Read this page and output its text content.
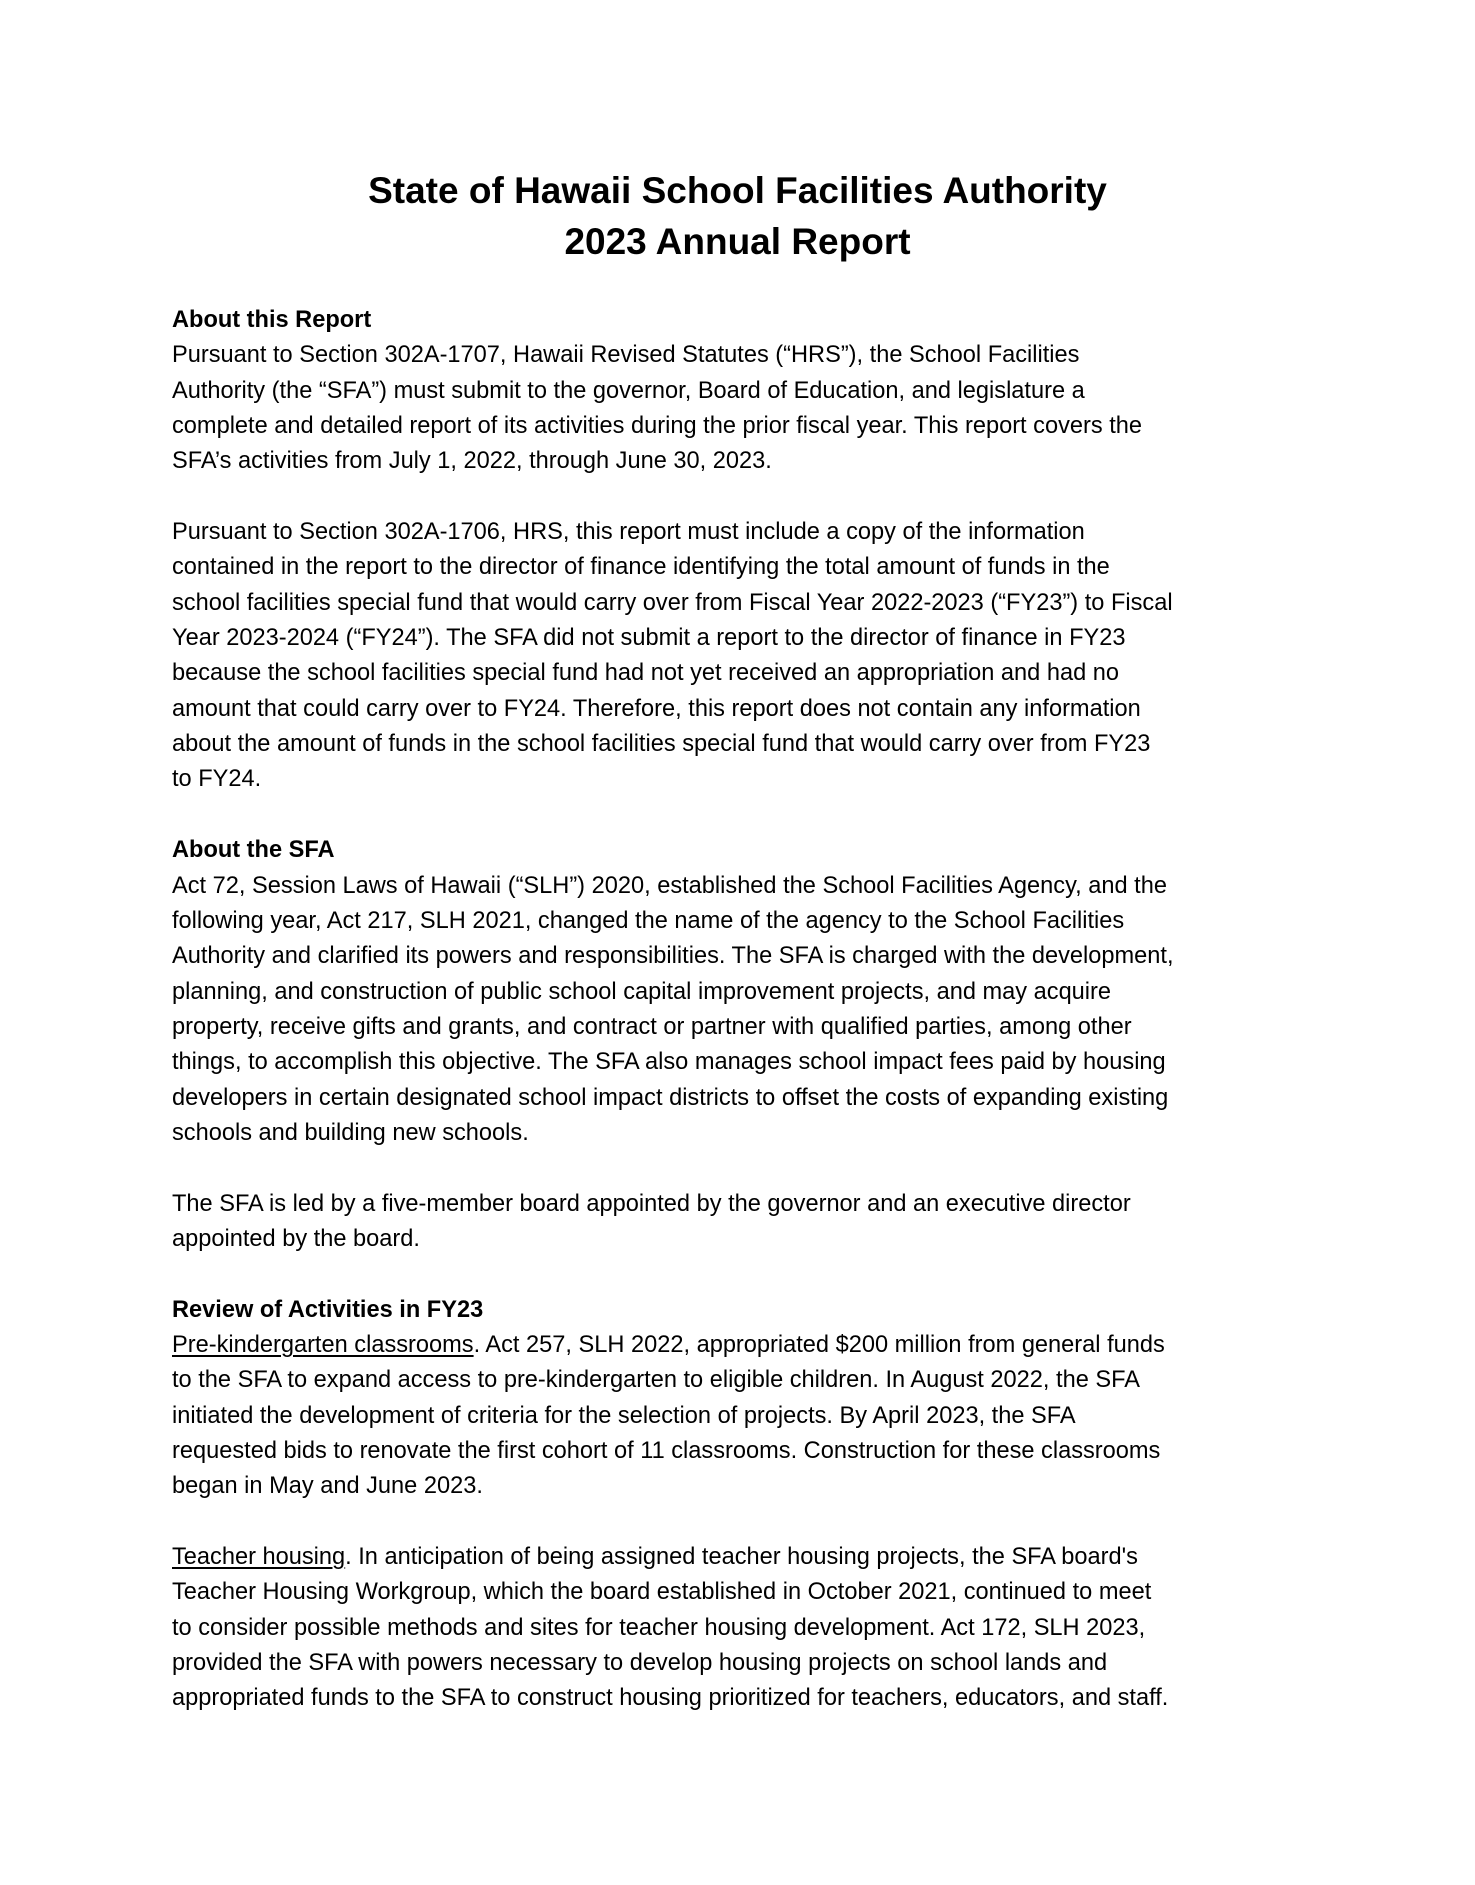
State of Hawaii School Facilities Authority
2023 Annual Report
About this Report
Pursuant to Section 302A-1707, Hawaii Revised Statutes (“HRS”), the School Facilities
Authority (the “SFA”) must submit to the governor, Board of Education, and legislature a
complete and detailed report of its activities during the prior fiscal year. This report covers the
SFA’s activities from July 1, 2022, through June 30, 2023.
Pursuant to Section 302A-1706, HRS, this report must include a copy of the information
contained in the report to the director of finance identifying the total amount of funds in the
school facilities special fund that would carry over from Fiscal Year 2022-2023 (“FY23”) to Fiscal
Year 2023-2024 (“FY24”). The SFA did not submit a report to the director of finance in FY23
because the school facilities special fund had not yet received an appropriation and had no
amount that could carry over to FY24. Therefore, this report does not contain any information
about the amount of funds in the school facilities special fund that would carry over from FY23
to FY24.
About the SFA
Act 72, Session Laws of Hawaii (“SLH”) 2020, established the School Facilities Agency, and the
following year, Act 217, SLH 2021, changed the name of the agency to the School Facilities
Authority and clarified its powers and responsibilities. The SFA is charged with the development,
planning, and construction of public school capital improvement projects, and may acquire
property, receive gifts and grants, and contract or partner with qualified parties, among other
things, to accomplish this objective. The SFA also manages school impact fees paid by housing
developers in certain designated school impact districts to offset the costs of expanding existing
schools and building new schools.
The SFA is led by a five-member board appointed by the governor and an executive director
appointed by the board.
Review of Activities in FY23
Pre-kindergarten classrooms. Act 257, SLH 2022, appropriated $200 million from general funds
to the SFA to expand access to pre-kindergarten to eligible children. In August 2022, the SFA
initiated the development of criteria for the selection of projects. By April 2023, the SFA
requested bids to renovate the first cohort of 11 classrooms. Construction for these classrooms
began in May and June 2023.
Teacher housing. In anticipation of being assigned teacher housing projects, the SFA board's
Teacher Housing Workgroup, which the board established in October 2021, continued to meet
to consider possible methods and sites for teacher housing development. Act 172, SLH 2023,
provided the SFA with powers necessary to develop housing projects on school lands and
appropriated funds to the SFA to construct housing prioritized for teachers, educators, and staff.
